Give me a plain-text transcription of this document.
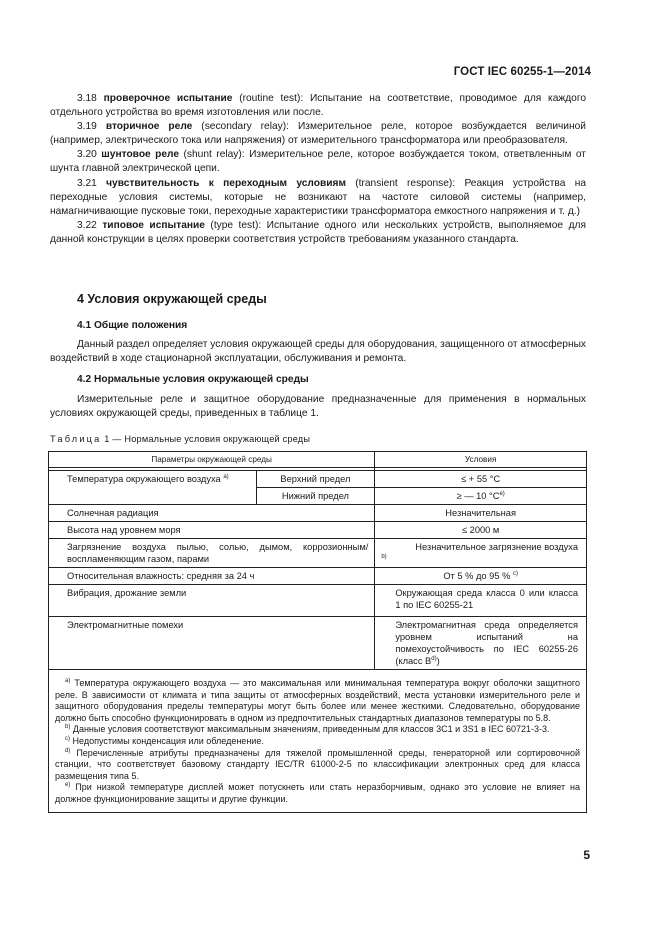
ГОСТ IEC 60255-1—2014

3.18 проверочное испытание (routine test): Испытание на соответствие, проводимое для каждого отдельного устройства во время изготовления или после.

3.19 вторичное реле (secondary relay): Измерительное реле, которое возбуждается величиной (например, электрического тока или напряжения) от измерительного трансформатора или преобразователя.

3.20 шунтовое реле (shunt relay): Измерительное реле, которое возбуждается током, ответвленным от шунта главной электрической цепи.

3.21 чувствительность к переходным условиям (transient response): Реакция устройства на переходные условия системы, которые не возникают на частоте силовой системы (например, намагничивающие пусковые токи, переходные характеристики трансформатора емкостного напряжения и т. д.)

3.22 типовое испытание (type test): Испытание одного или нескольких устройств, выполняемое для данной конструкции в целях проверки соответствия устройств требованиям указанного стандарта.

4 Условия окружающей среды
4.1 Общие положения

Данный раздел определяет условия окружающей среды для оборудования, защищенного от атмосферных воздействий в ходе стационарной эксплуатации, обслуживания и ремонта.

4.2 Нормальные условия окружающей среды

Измерительные реле и защитное оборудование предназначенные для применения в нормальных условиях окружающей среды, приведенных в таблице 1.

Таблица 1 — Нормальные условия окружающей среды
Параметры окружающей среды		Условия

Температура окружающего воздуха $^{a)}$	Верхний предел	≤ + 55 °C
	Нижний предел	≥ — 10 $^\circ C^{e)}$
Солнечная радиация		Незначительная
Высота над уровнем моря		≤ 2000 м
Загрязнение воздуха пылью, солью, дымом, коррозионным/воспламеняющим газом, парами		Незначительное загрязнение воздуха
b)

Относительная влажность: средняя за 24 ч		От 5 % до 95 % $^{c)}$
Вибрация, дрожание земли		Окружающая среда класса 0 или класса 1 по IEC 60255-21
Электромагнитные помехи		Электромагнитная среда определяется уровнем испытаний на помехоустойчивость по IEC 60255-26 (класс $B^{d)}$)

$^{a)}$ Температура окружающего воздуха — это максимальная или минимальная температура вокруг оболочки защитного реле. В зависимости от климата и типа защиты от атмосферных воздействий, места установки измерительного реле и защитного оборудования пределы температуры могут быть более или менее жесткими. Следовательно, оборудование должно быть способно функционировать в одном из предпочтительных стандартных диапазонов температуры по 5.8.

$^{b)}$ Данные условия соответствуют максимальным значениям, приведенным для классов 3C1 и 3S1 в IEC 60721-3-3.

$^{c)}$ Недопустимы конденсация или обледенение.

$^{d)}$ Перечисленные атрибуты предназначены для тяжелой промышленной среды, генераторной или сортировочной станции, что соответствует базовому стандарту IEC/TR 61000-2-5 по классификации электронных сред для класса размещения типа 5.

$^{e)}$ При низкой температуре дисплей может потускнеть или стать неразборчивым, однако это условие не влияет на должное функционирование защиты и другие функции.		

5
